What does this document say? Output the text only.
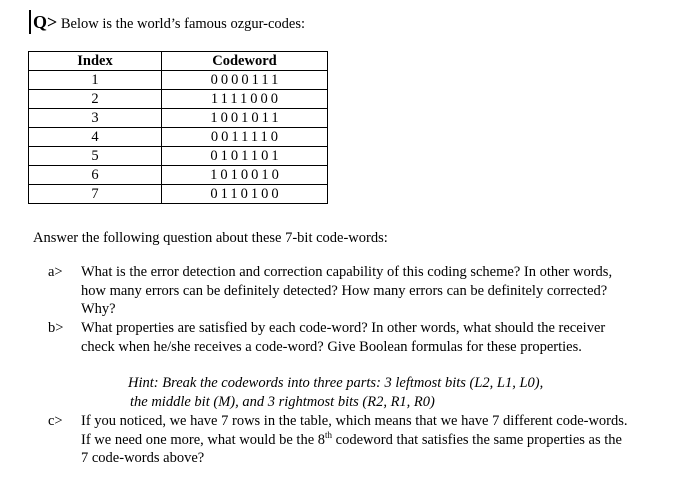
Q> Below is the world’s famous ozgur-codes:
Index	Codeword
1	0000111
2	1111000
3	1001011
4	0011110
5	0101101
6	1010010
7	0110100
Answer the following question about these 7-bit code-words:
a> What is the error detection and correction capability of this coding scheme? In other words, how many errors can be definitely detected? How many errors can be definitely corrected? Why?
b> What properties are satisfied by each code-word? In other words, what should the receiver check when he/she receives a code-word? Give Boolean formulas for these properties.
Hint: Break the codewords into three parts: 3 leftmost bits (L2, L1, L0),
the middle bit (M), and 3 rightmost bits (R2, R1, R0)
c> If you noticed, we have 7 rows in the table, which means that we have 7 different code-words. If we need one more, what would be the 8th codeword that satisfies the same properties as the 7 code-words above?
